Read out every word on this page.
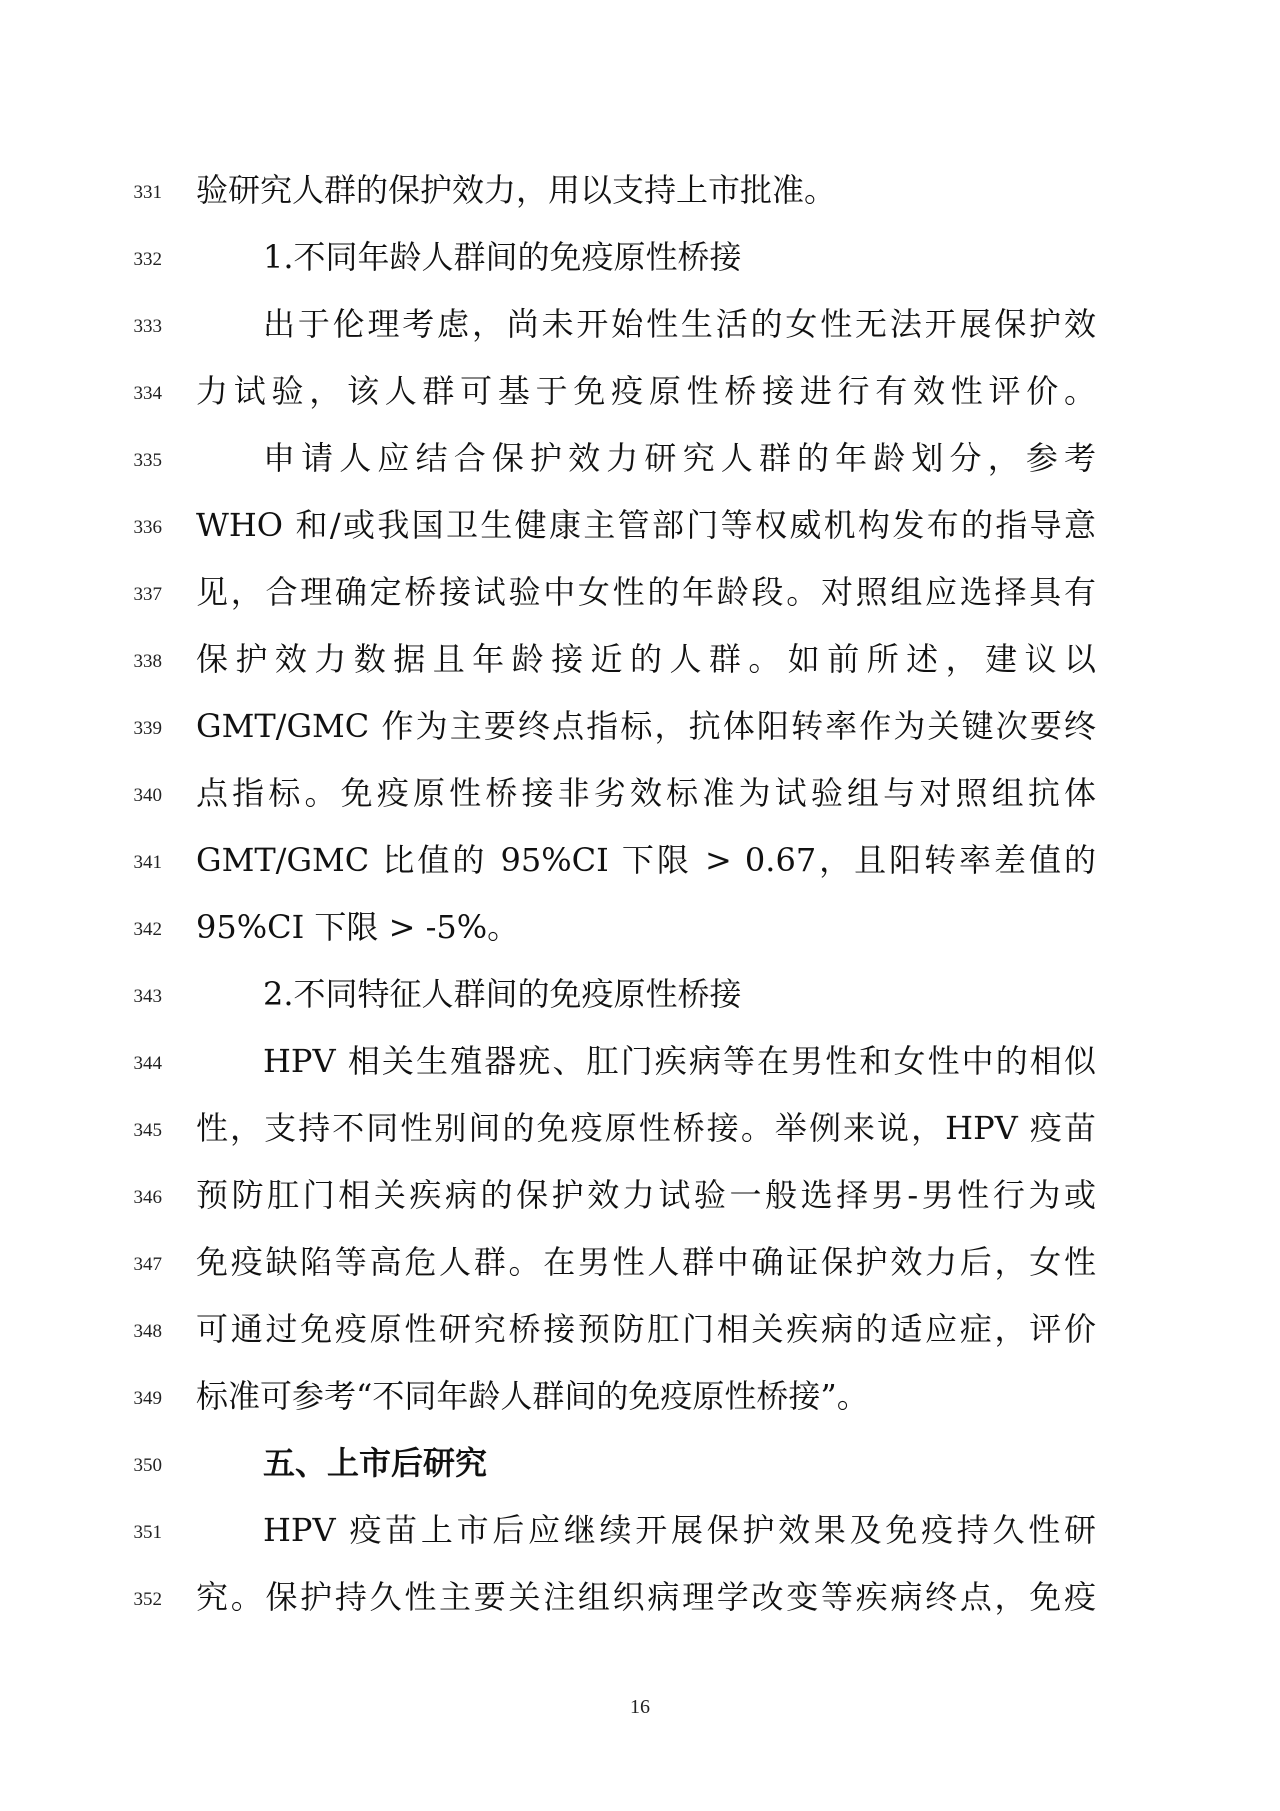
331 验研究人群的保护效力，用以支持上市批准。
332	1.不同年龄人群间的免疫原性桥接
333	出于伦理考虑，尚未开始性生活的女性无法开展保护效
334 力试验，该人群可基于免疫原性桥接进行有效性评价。
335	申请人应结合保护效力研究人群的年龄划分，参考
336 WHO 和/或我国卫生健康主管部门等权威机构发布的指导意
337 见，合理确定桥接试验中女性的年龄段。对照组应选择具有
338 保护效力数据且年龄接近的人群。如前所述，建议以
339 GMT/GMC 作为主要终点指标，抗体阳转率作为关键次要终
340 点指标。免疫原性桥接非劣效标准为试验组与对照组抗体
341 GMT/GMC 比值的 95%CI 下限 > 0.67，且阳转率差值的
342 95%CI 下限 > -5%。
343	2.不同特征人群间的免疫原性桥接
344	HPV 相关生殖器疣、肛门疾病等在男性和女性中的相似
345 性，支持不同性别间的免疫原性桥接。举例来说，HPV 疫苗
346 预防肛门相关疾病的保护效力试验一般选择男-男性行为或
347 免疫缺陷等高危人群。在男性人群中确证保护效力后，女性
348 可通过免疫原性研究桥接预防肛门相关疾病的适应症，评价
349 标准可参考“不同年龄人群间的免疫原性桥接”。
350	五、上市后研究
351	HPV 疫苗上市后应继续开展保护效果及免疫持久性研
352 究。保护持久性主要关注组织病理学改变等疾病终点，免疫
16
